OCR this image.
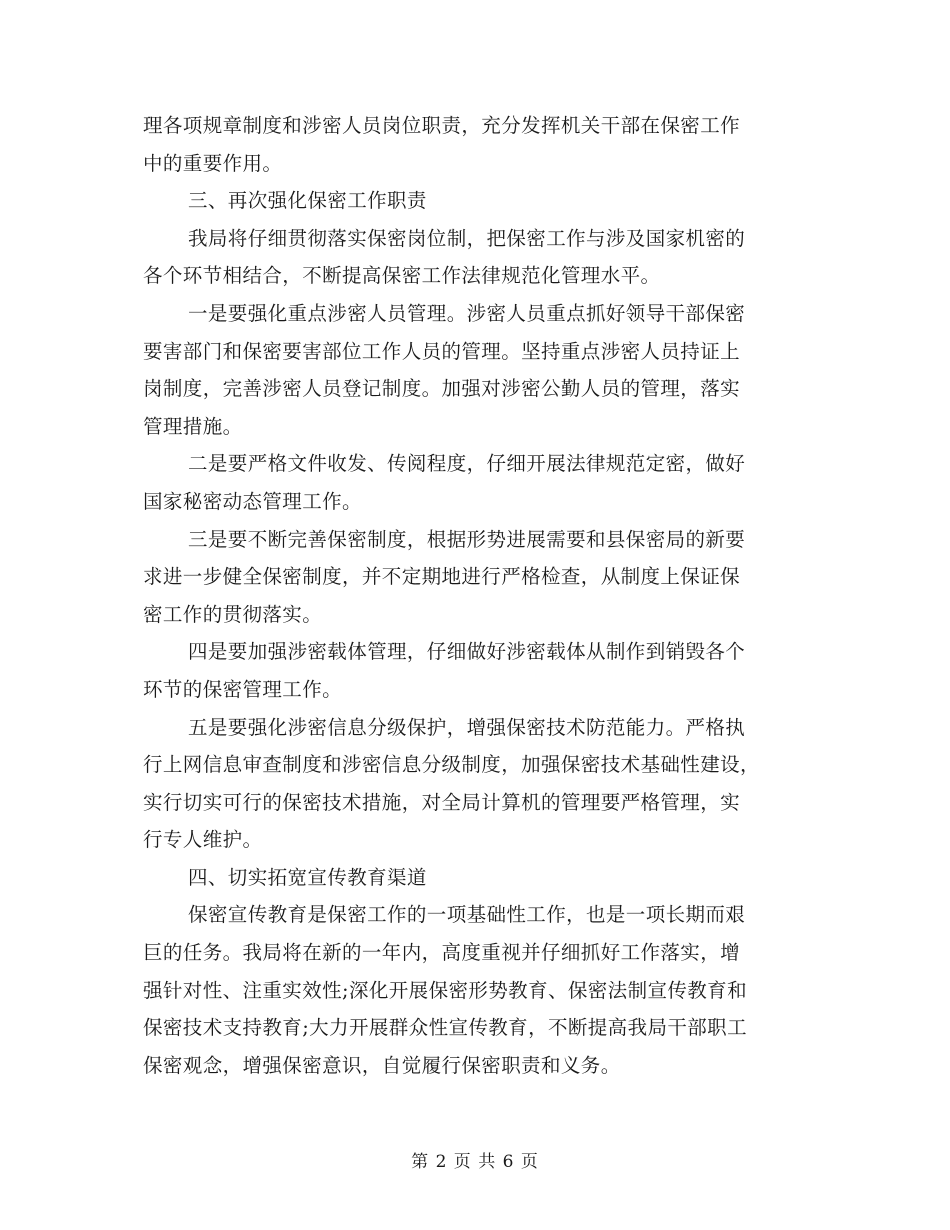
理各项规章制度和涉密人员岗位职责，充分发挥机关干部在保密工作
中的重要作用。
三、再次强化保密工作职责
我局将仔细贯彻落实保密岗位制，把保密工作与涉及国家机密的
各个环节相结合，不断提高保密工作法律规范化管理水平。
一是要强化重点涉密人员管理。涉密人员重点抓好领导干部保密
要害部门和保密要害部位工作人员的管理。坚持重点涉密人员持证上
岗制度，完善涉密人员登记制度。加强对涉密公勤人员的管理，落实
管理措施。
二是要严格文件收发、传阅程度，仔细开展法律规范定密，做好
国家秘密动态管理工作。
三是要不断完善保密制度，根据形势进展需要和县保密局的新要
求进一步健全保密制度，并不定期地进行严格检查，从制度上保证保
密工作的贯彻落实。
四是要加强涉密载体管理，仔细做好涉密载体从制作到销毁各个
环节的保密管理工作。
五是要强化涉密信息分级保护，增强保密技术防范能力。严格执
行上网信息审查制度和涉密信息分级制度，加强保密技术基础性建设，
实行切实可行的保密技术措施，对全局计算机的管理要严格管理，实
行专人维护。
四、切实拓宽宣传教育渠道
保密宣传教育是保密工作的一项基础性工作，也是一项长期而艰
巨的任务。我局将在新的一年内，高度重视并仔细抓好工作落实，增
强针对性、注重实效性;深化开展保密形势教育、保密法制宣传教育和
保密技术支持教育;大力开展群众性宣传教育，不断提高我局干部职工
保密观念，增强保密意识，自觉履行保密职责和义务。
第 2 页 共 6 页
